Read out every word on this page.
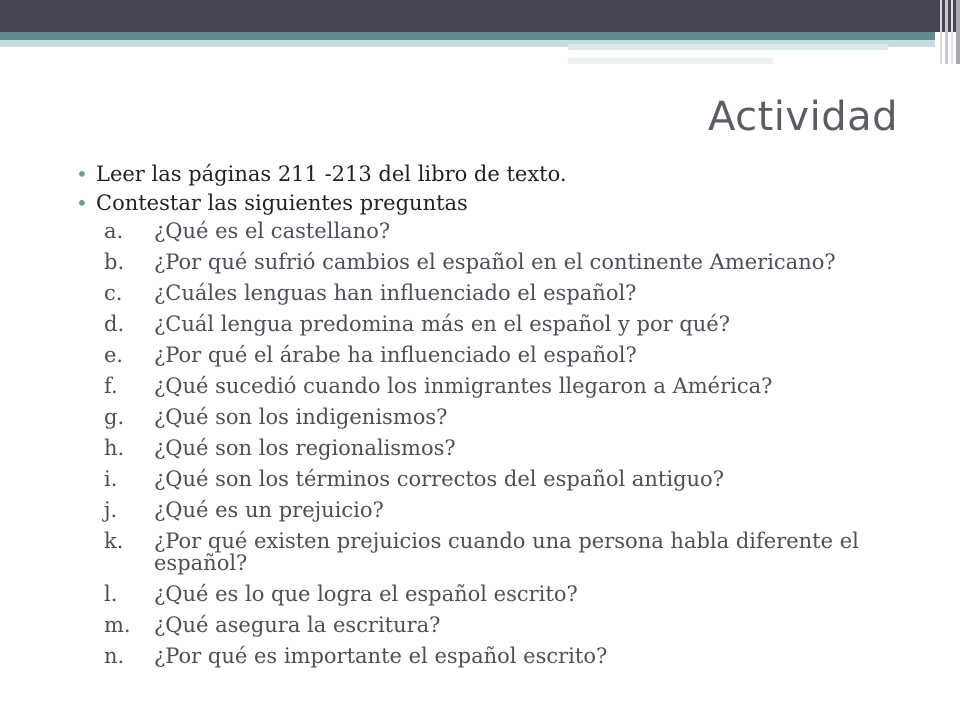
Actividad
• Leer las páginas 211 -213 del libro de texto.
• Contestar las siguientes preguntas
a.	¿Qué es el castellano?
b.	¿Por qué sufrió cambios el español en el continente Americano?
c.	¿Cuáles lenguas han influenciado el español?
d.	¿Cuál lengua predomina más en el español y por qué?
e.	¿Por qué el árabe ha influenciado el español?
f.	¿Qué sucedió cuando los inmigrantes llegaron a América?
g.	¿Qué son los indigenismos?
h.	¿Qué son los regionalismos?
i.	¿Qué son los términos correctos del español antiguo?
j.	¿Qué es un prejuicio?
k.	¿Por qué existen prejuicios cuando una persona habla diferente el español?
l.	¿Qué es lo que logra el español escrito?
m.	¿Qué asegura la escritura?
n.	¿Por qué es importante el español escrito?
